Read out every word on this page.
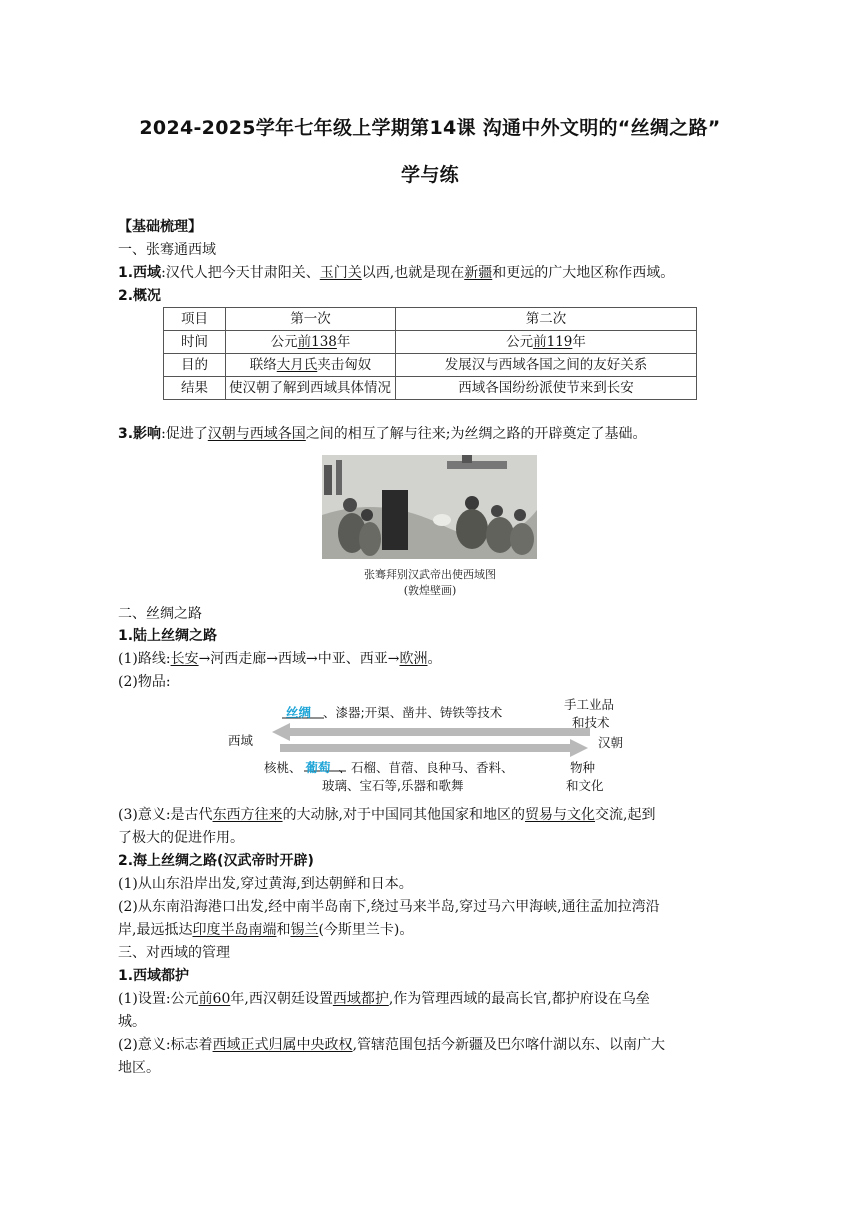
2024-2025学年七年级上学期第14课 沟通中外文明的“丝绸之路”
学与练
【基础梳理】
一、张骞通西域
1.西域:汉代人把今天甘肃阳关、玉门关以西,也就是现在新疆和更远的广大地区称作西域。
2.概况
项目	第一次	第二次
时间	公元前138年	公元前119年
目的	联络大月氏夹击匈奴	发展汉与西域各国之间的友好关系
结果	使汉朝了解到西域具体情况	西域各国纷纷派使节来到长安
3.影响:促进了汉朝与西域各国之间的相互了解与往来;为丝绸之路的开辟奠定了基础。
张骞拜别汉武帝出使西域图
(敦煌壁画)
二、丝绸之路
1.陆上丝绸之路
(1)路线:长安→河西走廊→西域→中亚、西亚→欧洲。
(2)物品:
丝绸 、漆器;开渠、凿井、铸铁等技术
手工业品
和技术
西域	汉朝
核桃、 葡萄 、石榴、苜蓿、良种马、香料、
玻璃、宝石等,乐器和歌舞
物种
和文化
(3)意义:是古代东西方往来的大动脉,对于中国同其他国家和地区的贸易与文化交流,起到
了极大的促进作用。
2.海上丝绸之路(汉武帝时开辟)
(1)从山东沿岸出发,穿过黄海,到达朝鲜和日本。
(2)从东南沿海港口出发,经中南半岛南下,绕过马来半岛,穿过马六甲海峡,通往孟加拉湾沿
岸,最远抵达印度半岛南端和锡兰(今斯里兰卡)。
三、对西域的管理
1.西域都护
(1)设置:公元前60年,西汉朝廷设置西域都护,作为管理西域的最高长官,都护府设在乌垒
城。
(2)意义:标志着西域正式归属中央政权,管辖范围包括今新疆及巴尔喀什湖以东、以南广大
地区。
